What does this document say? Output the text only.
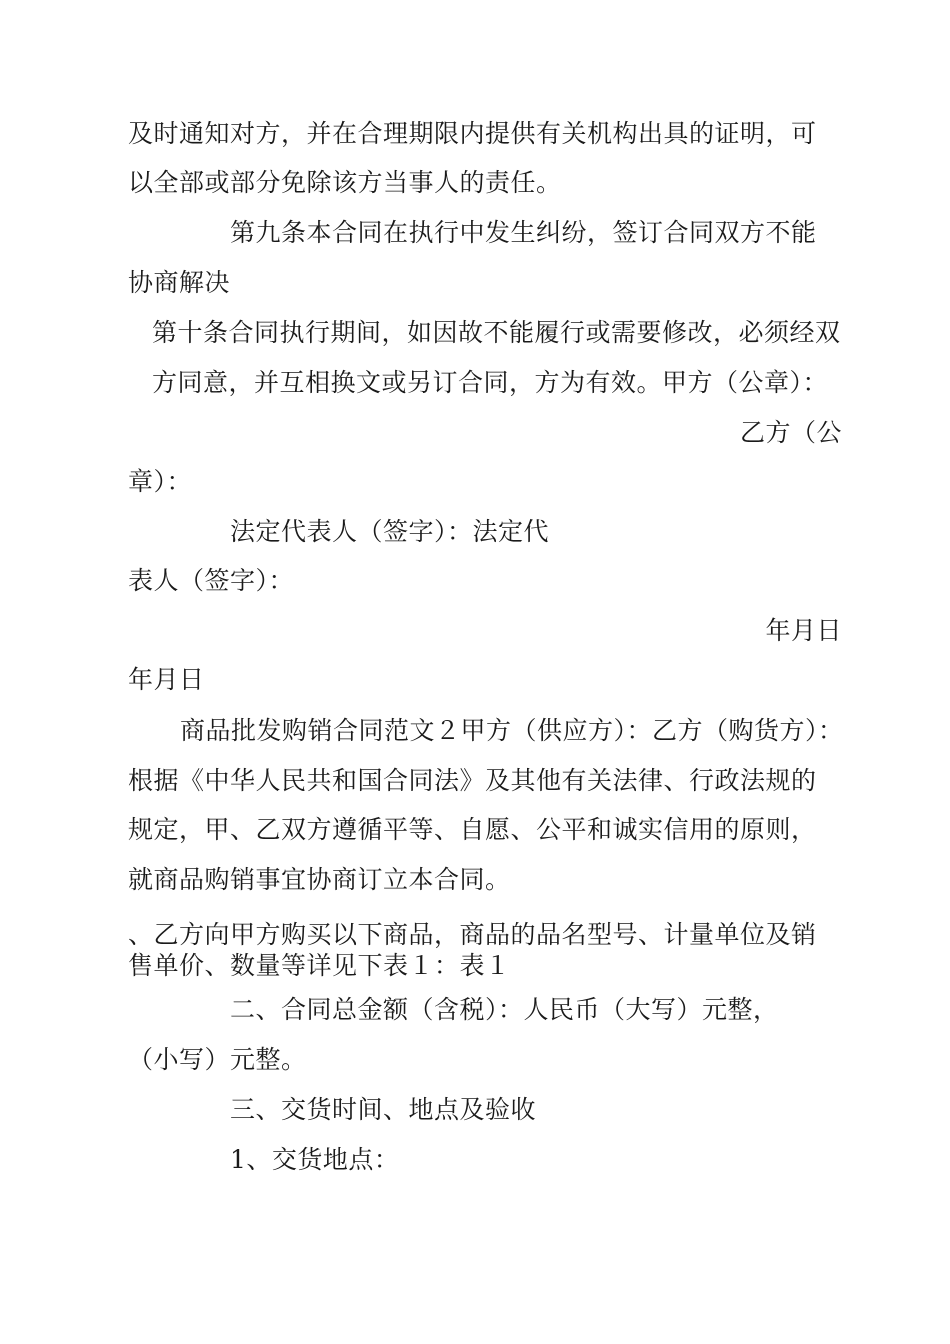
及时通知对方，并在合理期限内提供有关机构出具的证明，可

以全部或部分免除该方当事人的责任。

第九条本合同在执行中发生纠纷，签订合同双方不能

协商解决

第十条合同执行期间，如因故不能履行或需要修改，必须经双

方同意，并互相换文或另订合同，方为有效。甲方（公章）：

乙方（公

章）：

法定代表人（签字）：法定代

表人（签字）：

年月日

年月日

商品批发购销合同范文２甲方（供应方）：乙方（购货方）：

根据《中华人民共和国合同法》及其他有关法律、行政法规的

规定，甲、乙双方遵循平等、自愿、公平和诚实信用的原则，

就商品购销事宜协商订立本合同。

、乙方向甲方购买以下商品，商品的品名型号、计量单位及销

售单价、数量等详见下表１：表１

二、合同总金额（含税）：人民币（大写）元整，

（小写）元整。

三、交货时间、地点及验收

1、交货地点：
